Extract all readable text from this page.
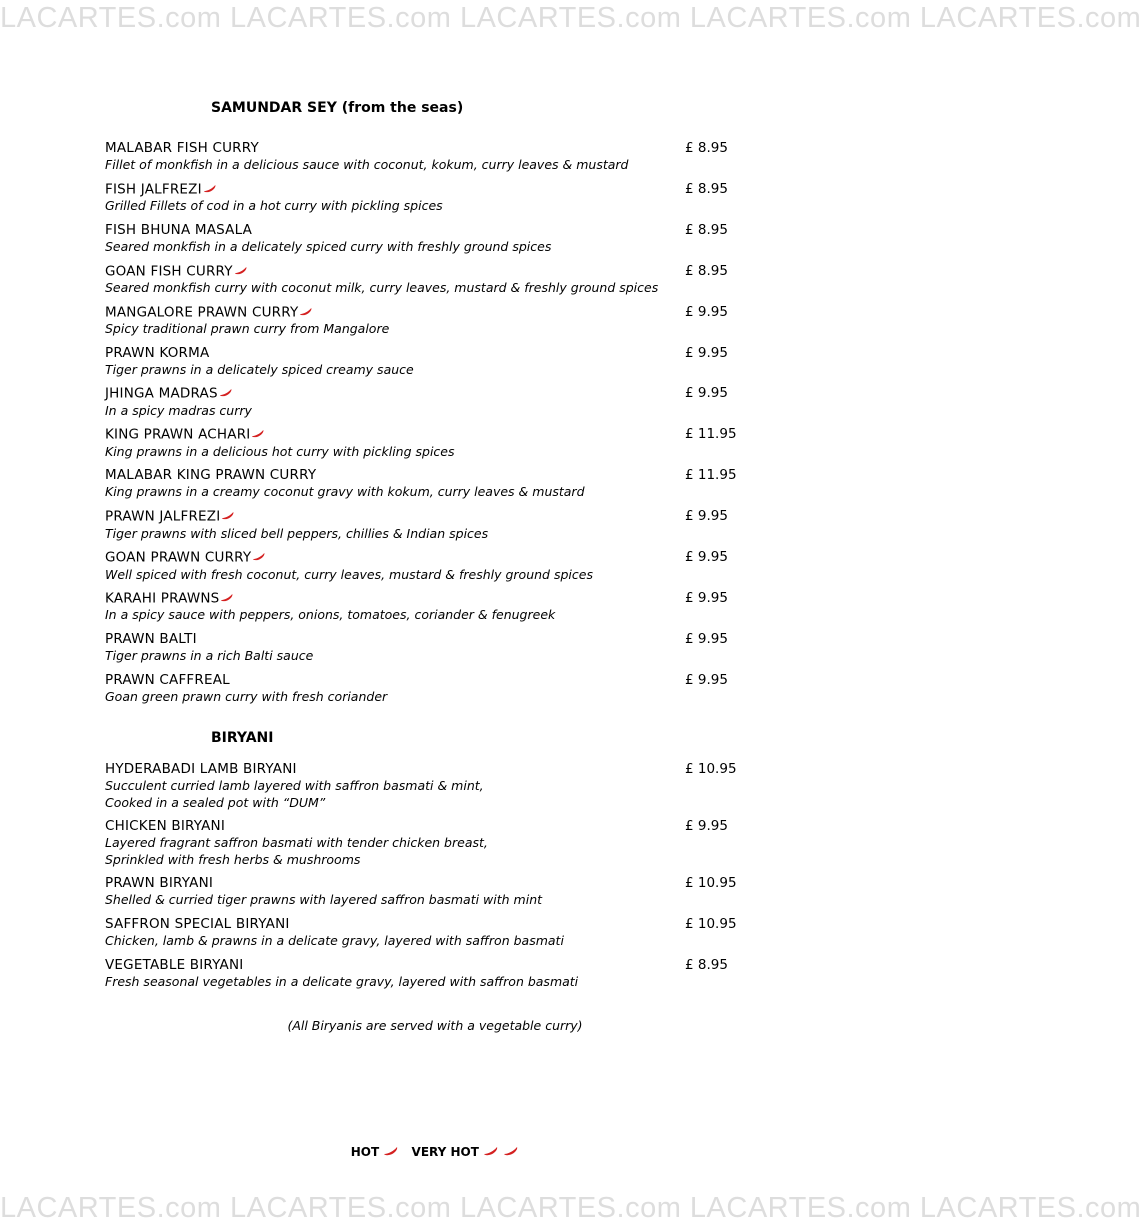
LACARTES.com LACARTES.com LACARTES.com LACARTES.com LACARTES.com
SAMUNDAR SEY (from the seas)
MALABAR FISH CURRY
Fillet of monkfish in a delicious sauce with coconut, kokum, curry leaves & mustard
£ 8.95
FISH JALFREZI
Grilled Fillets of cod in a hot curry with pickling spices
£ 8.95
FISH BHUNA MASALA
Seared monkfish in a delicately spiced curry with freshly ground spices
£ 8.95
GOAN FISH CURRY
Seared monkfish curry with coconut milk, curry leaves, mustard & freshly ground spices
£ 8.95
MANGALORE PRAWN CURRY
Spicy traditional prawn curry from Mangalore
£ 9.95
PRAWN KORMA
Tiger prawns in a delicately spiced creamy sauce
£ 9.95
JHINGA MADRAS
In a spicy madras curry
£ 9.95
KING PRAWN ACHARI
King prawns in a delicious hot curry with pickling spices
£ 11.95
MALABAR KING PRAWN CURRY
King prawns in a creamy coconut gravy with kokum, curry leaves & mustard
£ 11.95
PRAWN JALFREZI
Tiger prawns with sliced bell peppers, chillies & Indian spices
£ 9.95
GOAN PRAWN CURRY
Well spiced with fresh coconut, curry leaves, mustard & freshly ground spices
£ 9.95
KARAHI PRAWNS
In a spicy sauce with peppers, onions, tomatoes, coriander & fenugreek
£ 9.95
PRAWN BALTI
Tiger prawns in a rich Balti sauce
£ 9.95
PRAWN CAFFREAL
Goan green prawn curry with fresh coriander
£ 9.95
BIRYANI
HYDERABADI LAMB BIRYANI
Succulent curried lamb layered with saffron basmati & mint,
Cooked in a sealed pot with “DUM”
£ 10.95
CHICKEN BIRYANI
Layered fragrant saffron basmati with tender chicken breast,
Sprinkled with fresh herbs & mushrooms
£ 9.95
PRAWN BIRYANI
Shelled & curried tiger prawns with layered saffron basmati with mint
£ 10.95
SAFFRON SPECIAL BIRYANI
Chicken, lamb & prawns in a delicate gravy, layered with saffron basmati
£ 10.95
VEGETABLE BIRYANI
Fresh seasonal vegetables in a delicate gravy, layered with saffron basmati
£ 8.95
(All Biryanis are served with a vegetable curry)
HOT	VERY HOT
LACARTES.com LACARTES.com LACARTES.com LACARTES.com LACARTES.com
